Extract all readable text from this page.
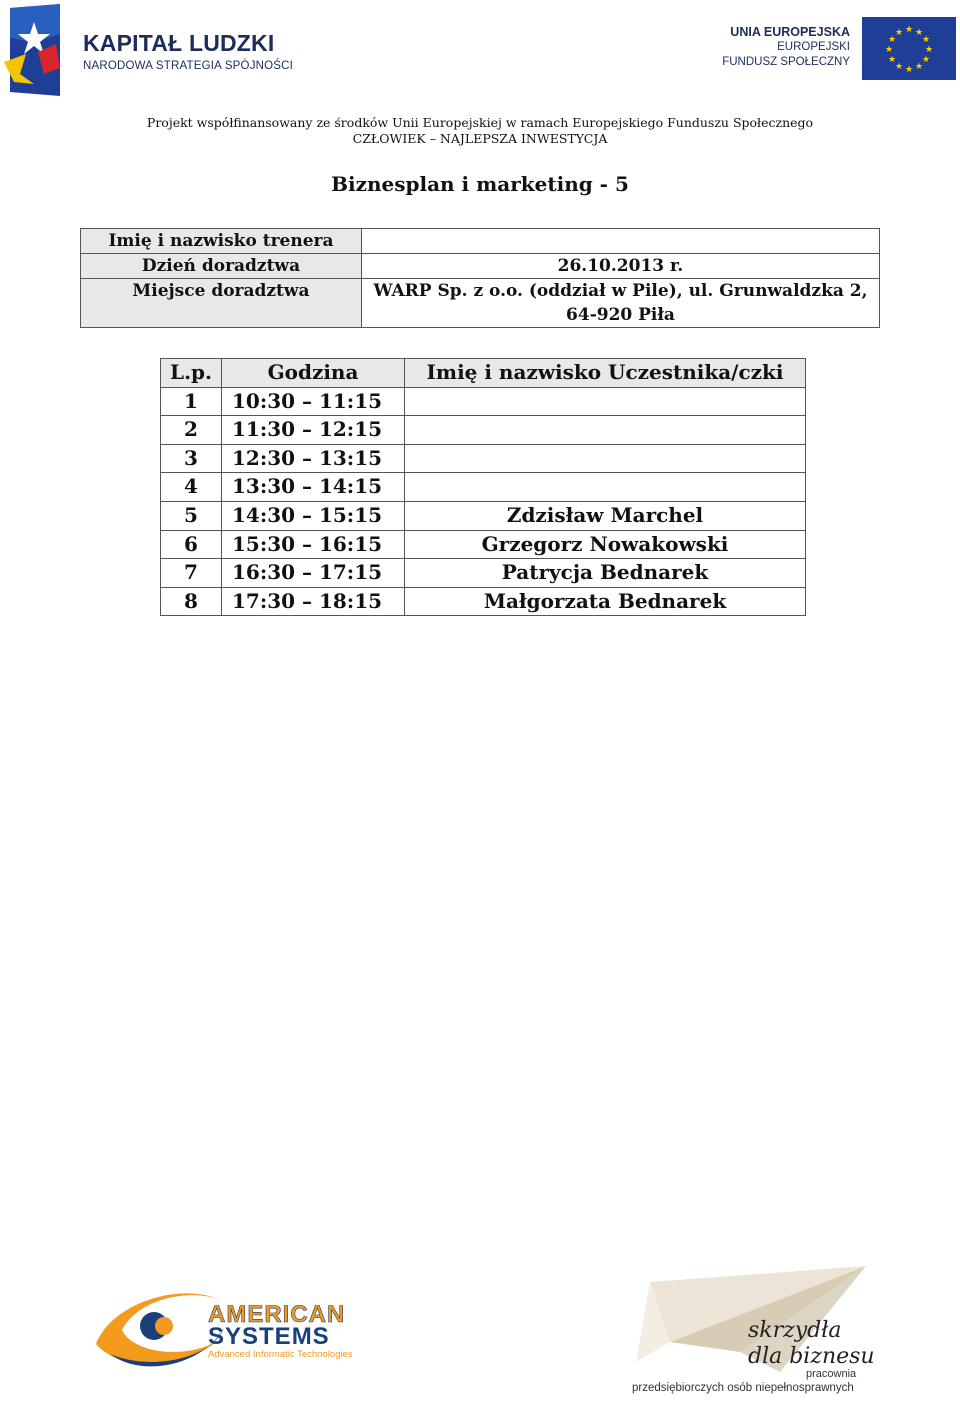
KAPITAŁ LUDZKI
NARODOWA STRATEGIA SPÓJNOŚCI
UNIA EUROPEJSKA
EUROPEJSKI
FUNDUSZ SPOŁECZNY
★ ★
★
★
★
★
★
★
★
★
★
★
Projekt współfinansowany ze środków Unii Europejskiej w ramach Europejskiego Funduszu Społecznego
CZŁOWIEK – NAJLEPSZA INWESTYCJA
Biznesplan i marketing - 5
Imię i nazwisko trenera	
Dzień doradztwa	26.10.2013 r.
Miejsce doradztwa	WARP Sp. z o.o. (oddział w Pile), ul. Grunwaldzka 2,
64-920 Piła
L.p.	Godzina	Imię i nazwisko Uczestnika/czki
1	10:30 – 11:15	
2	11:30 – 12:15	
3	12:30 – 13:15	
4	13:30 – 14:15	
5	14:30 – 15:15	Zdzisław Marchel
6	15:30 – 16:15	Grzegorz Nowakowski
7	16:30 – 17:15	Patrycja Bednarek
8	17:30 – 18:15	Małgorzata Bednarek
AMERICAN
SYSTEMS
Advanced Informatic Technologies
skrzydła
dla biznesu
pracownia
przedsiębiorczych osób niepełnosprawnych
